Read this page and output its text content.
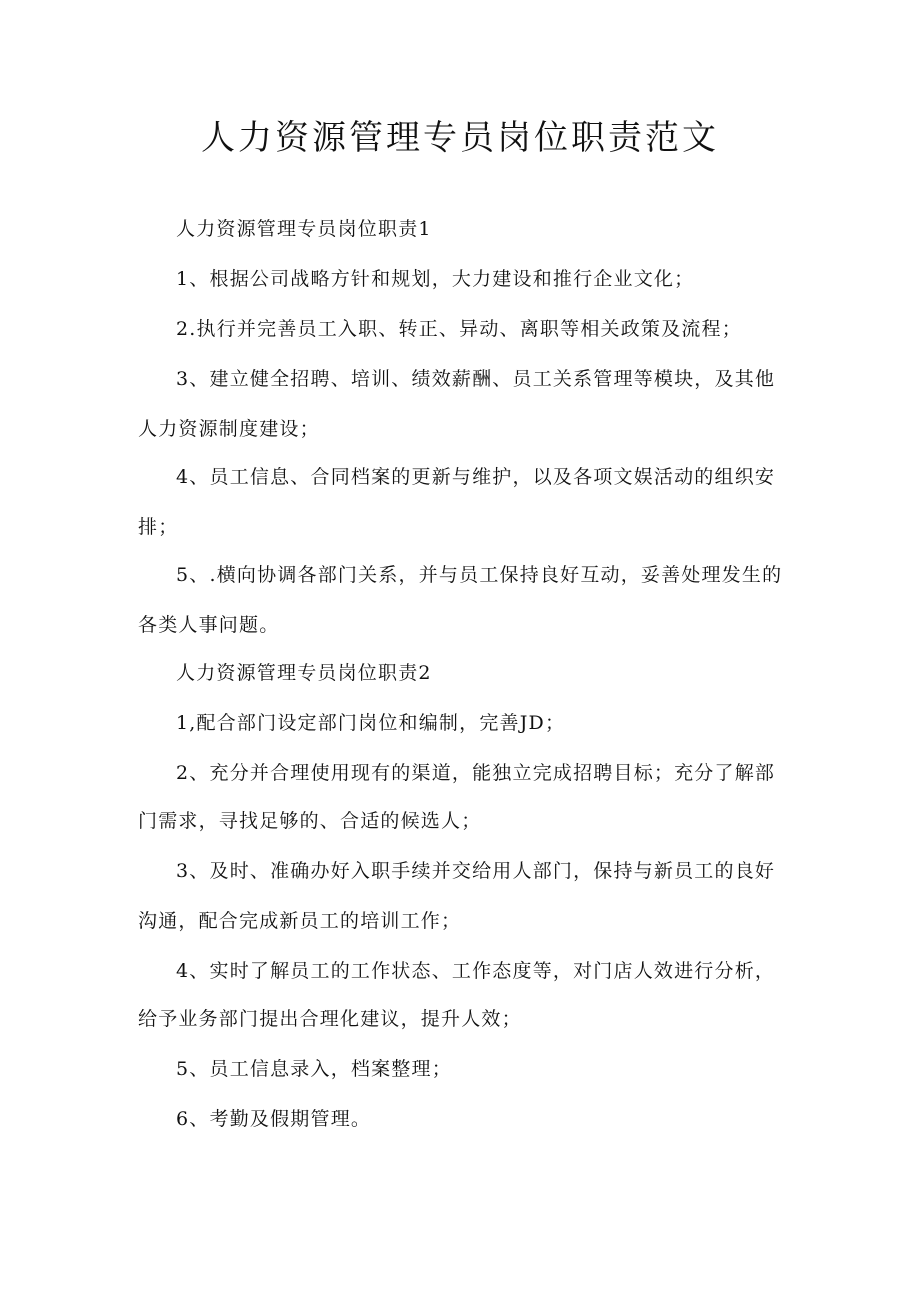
人力资源管理专员岗位职责范文

人力资源管理专员岗位职责1

1、根据公司战略方针和规划，大力建设和推行企业文化；

2.执行并完善员工入职、转正、异动、离职等相关政策及流程；

3、建立健全招聘、培训、绩效薪酬、员工关系管理等模块，及其他

人力资源制度建设；

4、员工信息、合同档案的更新与维护，以及各项文娱活动的组织安

排；

5、.横向协调各部门关系，并与员工保持良好互动，妥善处理发生的

各类人事问题。

人力资源管理专员岗位职责2

1,配合部门设定部门岗位和编制，完善JD；

2、充分并合理使用现有的渠道，能独立完成招聘目标；充分了解部

门需求，寻找足够的、合适的候选人；

3、及时、准确办好入职手续并交给用人部门，保持与新员工的良好

沟通，配合完成新员工的培训工作；

4、实时了解员工的工作状态、工作态度等，对门店人效进行分析，

给予业务部门提出合理化建议，提升人效；

5、员工信息录入，档案整理；

6、考勤及假期管理。
